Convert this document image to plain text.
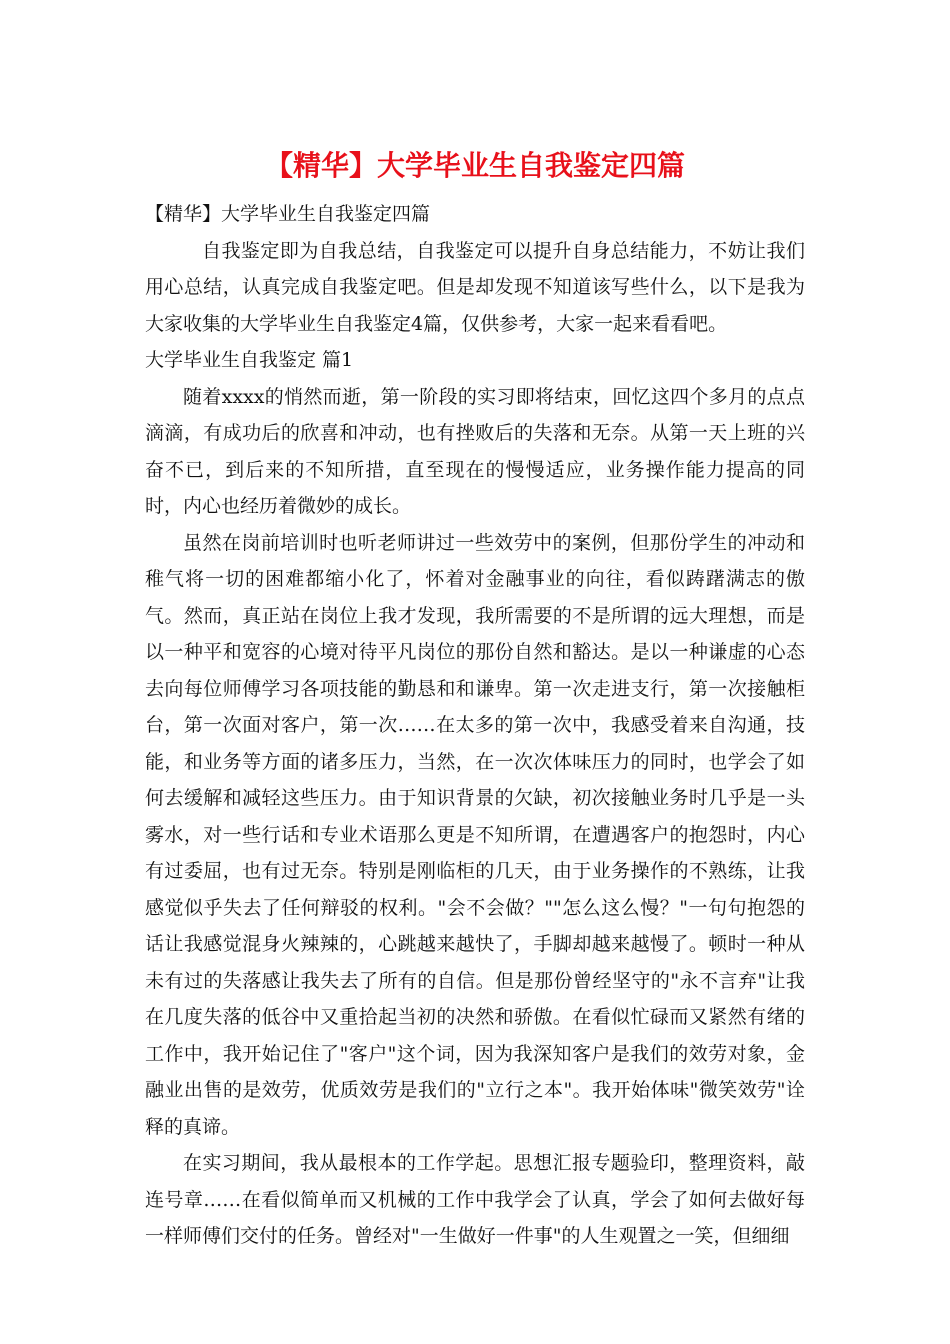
【精华】大学毕业生自我鉴定四篇

【精华】大学毕业生自我鉴定四篇

自我鉴定即为自我总结，自我鉴定可以提升自身总结能力，不妨让我们用心总结，认真完成自我鉴定吧。但是却发现不知道该写些什么，以下是我为大家收集的大学毕业生自我鉴定4篇，仅供参考，大家一起来看看吧。

大学毕业生自我鉴定 篇1

随着xxxx的悄然而逝，第一阶段的实习即将结束，回忆这四个多月的点点滴滴，有成功后的欣喜和冲动，也有挫败后的失落和无奈。从第一天上班的兴奋不已，到后来的不知所措，直至现在的慢慢适应，业务操作能力提高的同时，内心也经历着微妙的成长。

虽然在岗前培训时也听老师讲过一些效劳中的案例，但那份学生的冲动和稚气将一切的困难都缩小化了，怀着对金融事业的向往，看似踌躇满志的傲气。然而，真正站在岗位上我才发现，我所需要的不是所谓的远大理想，而是以一种平和宽容的心境对待平凡岗位的那份自然和豁达。是以一种谦虚的心态去向每位师傅学习各项技能的勤恳和和谦卑。第一次走进支行，第一次接触柜台，第一次面对客户，第一次……在太多的第一次中，我感受着来自沟通，技能，和业务等方面的诸多压力，当然，在一次次体味压力的同时，也学会了如何去缓解和减轻这些压力。由于知识背景的欠缺，初次接触业务时几乎是一头雾水，对一些行话和专业术语那么更是不知所谓，在遭遇客户的抱怨时，内心有过委屈，也有过无奈。特别是刚临柜的几天，由于业务操作的不熟练，让我感觉似乎失去了任何辩驳的权利。"会不会做？""怎么这么慢？"一句句抱怨的话让我感觉混身火辣辣的，心跳越来越快了，手脚却越来越慢了。顿时一种从未有过的失落感让我失去了所有的自信。但是那份曾经坚守的"永不言弃"让我在几度失落的低谷中又重拾起当初的决然和骄傲。在看似忙碌而又紧然有绪的工作中，我开始记住了"客户"这个词，因为我深知客户是我们的效劳对象，金融业出售的是效劳，优质效劳是我们的"立行之本"。我开始体味"微笑效劳"诠释的真谛。

在实习期间，我从最根本的工作学起。思想汇报专题验印，整理资料，敲连号章……在看似简单而又机械的工作中我学会了认真，学会了如何去做好每一样师傅们交付的任务。曾经对"一生做好一件事"的人生观置之一笑，但细细
